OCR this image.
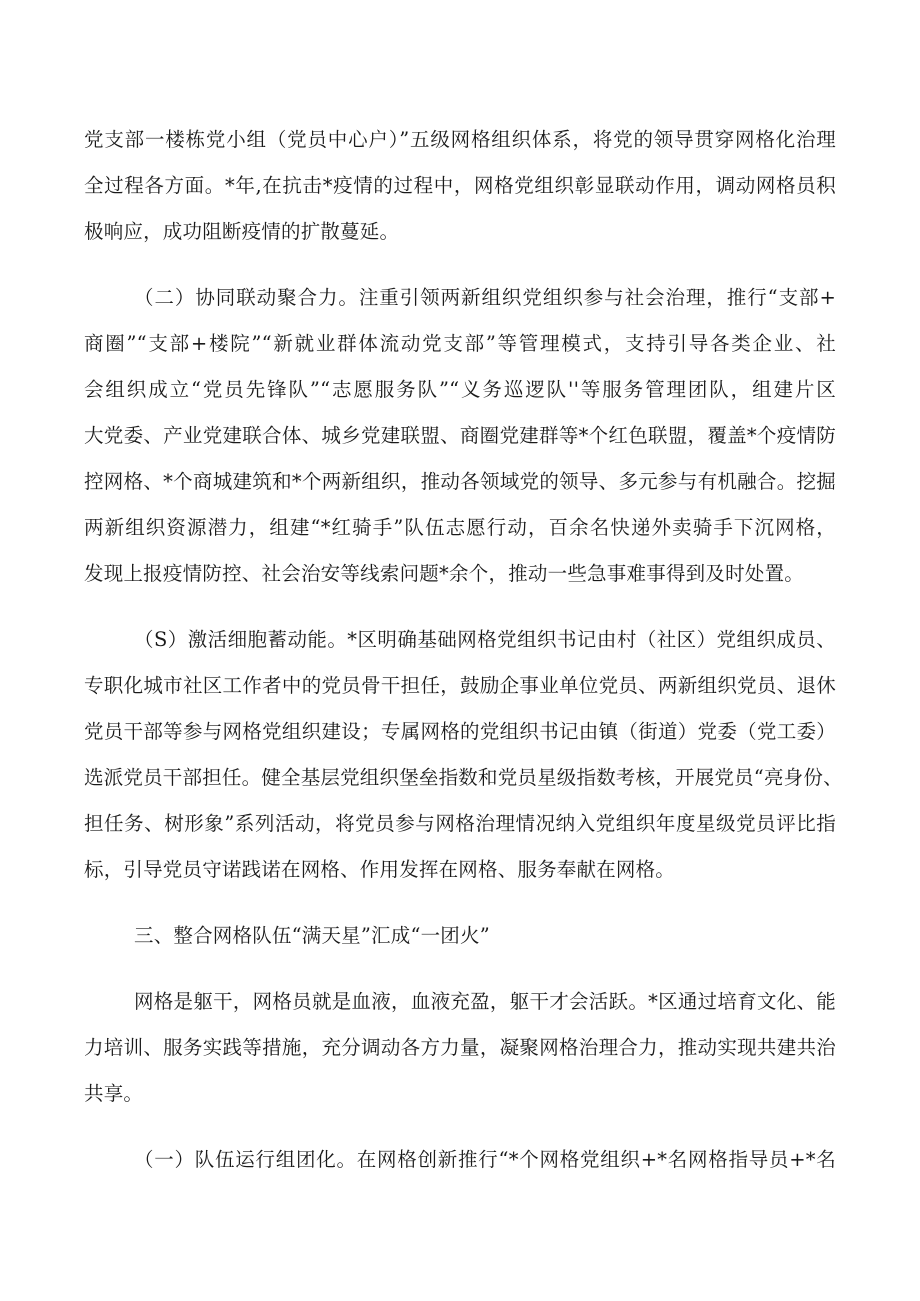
党支部一楼栋党小组（党员中心户）”五级网格组织体系，将党的领导贯穿网格化治理
全过程各方面。*年,在抗击*疫情的过程中，网格党组织彰显联动作用，调动网格员积
极响应，成功阻断疫情的扩散蔓延。
（二）协同联动聚合力。注重引领两新组织党组织参与社会治理，推行“支部+
商圈”“支部+楼院”“新就业群体流动党支部”等管理模式，支持引导各类企业、社
会组织成立“党员先锋队”“志愿服务队”“义务巡逻队''等服务管理团队，组建片区
大党委、产业党建联合体、城乡党建联盟、商圈党建群等*个红色联盟，覆盖*个疫情防
控网格、*个商城建筑和*个两新组织，推动各领域党的领导、多元参与有机融合。挖掘
两新组织资源潜力，组建“*红骑手”队伍志愿行动，百余名快递外卖骑手下沉网格，
发现上报疫情防控、社会治安等线索问题*余个，推动一些急事难事得到及时处置。
（S）激活细胞蓄动能。*区明确基础网格党组织书记由村（社区）党组织成员、
专职化城市社区工作者中的党员骨干担任，鼓励企事业单位党员、两新组织党员、退休
党员干部等参与网格党组织建设；专属网格的党组织书记由镇（街道）党委（党工委）
选派党员干部担任。健全基层党组织堡垒指数和党员星级指数考核，开展党员“亮身份、
担任务、树形象”系列活动，将党员参与网格治理情况纳入党组织年度星级党员评比指
标，引导党员守诺践诺在网格、作用发挥在网格、服务奉献在网格。
三、整合网格队伍“满天星”汇成“一团火”
网格是躯干，网格员就是血液，血液充盈，躯干才会活跃。*区通过培育文化、能
力培训、服务实践等措施，充分调动各方力量，凝聚网格治理合力，推动实现共建共治
共享。
（一）队伍运行组团化。在网格创新推行“*个网格党组织+*名网格指导员+*名
